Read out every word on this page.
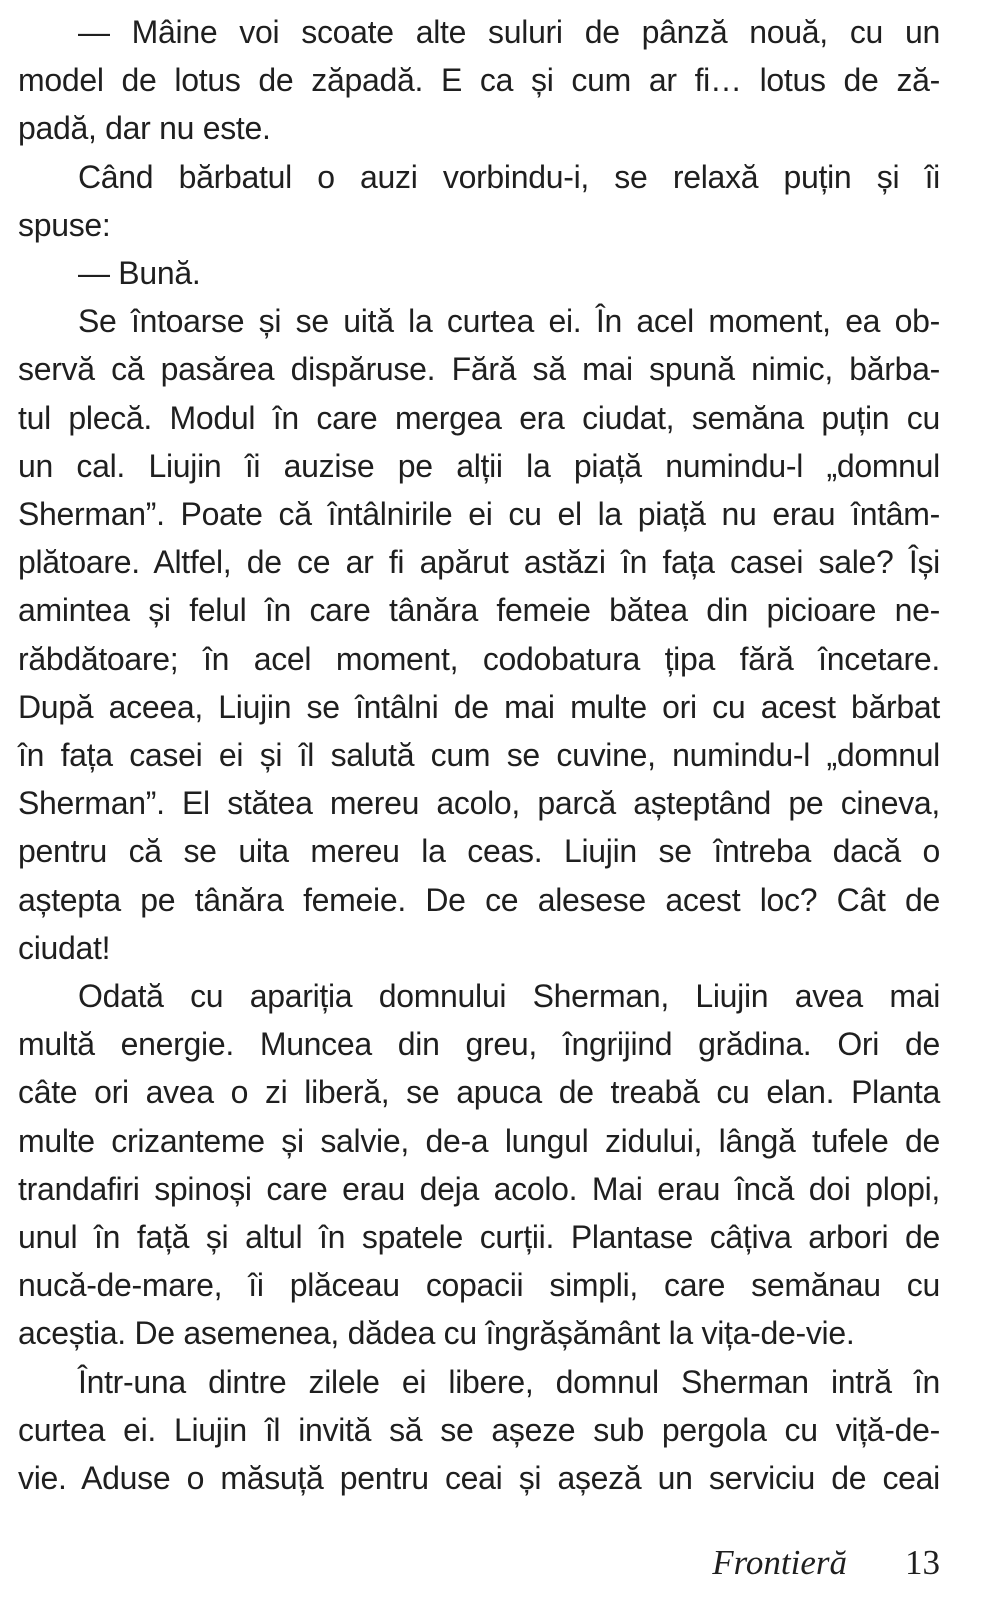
— Mâine voi scoate alte suluri de pânză nouă, cu un
model de lotus de zăpadă. E ca și cum ar fi… lotus de ză-
padă, dar nu este.
Când bărbatul o auzi vorbindu-i, se relaxă puțin și îi
spuse:
— Bună.
Se întoarse și se uită la curtea ei. În acel moment, ea ob-
servă că pasărea dispăruse. Fără să mai spună nimic, bărba-
tul plecă. Modul în care mergea era ciudat, semăna puțin cu
un cal. Liujin îi auzise pe alții la piață numindu-l „domnul
Sherman”. Poate că întâlnirile ei cu el la piață nu erau întâm-
plătoare. Altfel, de ce ar fi apărut astăzi în fața casei sale? Își
amintea și felul în care tânăra femeie bătea din picioare ne-
răbdătoare; în acel moment, codobatura țipa fără încetare.
După aceea, Liujin se întâlni de mai multe ori cu acest bărbat
în fața casei ei și îl salută cum se cuvine, numindu-l „domnul
Sherman”. El stătea mereu acolo, parcă așteptând pe cineva,
pentru că se uita mereu la ceas. Liujin se întreba dacă o
aștepta pe tânăra femeie. De ce alesese acest loc? Cât de
ciudat!
Odată cu apariția domnului Sherman, Liujin avea mai
multă energie. Muncea din greu, îngrijind grădina. Ori de
câte ori avea o zi liberă, se apuca de treabă cu elan. Planta
multe crizanteme și salvie, de-a lungul zidului, lângă tufele de
trandafiri spinoși care erau deja acolo. Mai erau încă doi plopi,
unul în față și altul în spatele curții. Plantase câțiva arbori de
nucă-de-mare, îi plăceau copacii simpli, care semănau cu
aceștia. De asemenea, dădea cu îngrășământ la vița-de-vie.
Într-una dintre zilele ei libere, domnul Sherman intră în
curtea ei. Liujin îl invită să se așeze sub pergola cu viță-de-
vie. Aduse o măsuță pentru ceai și așeză un serviciu de ceai
Frontieră 13
